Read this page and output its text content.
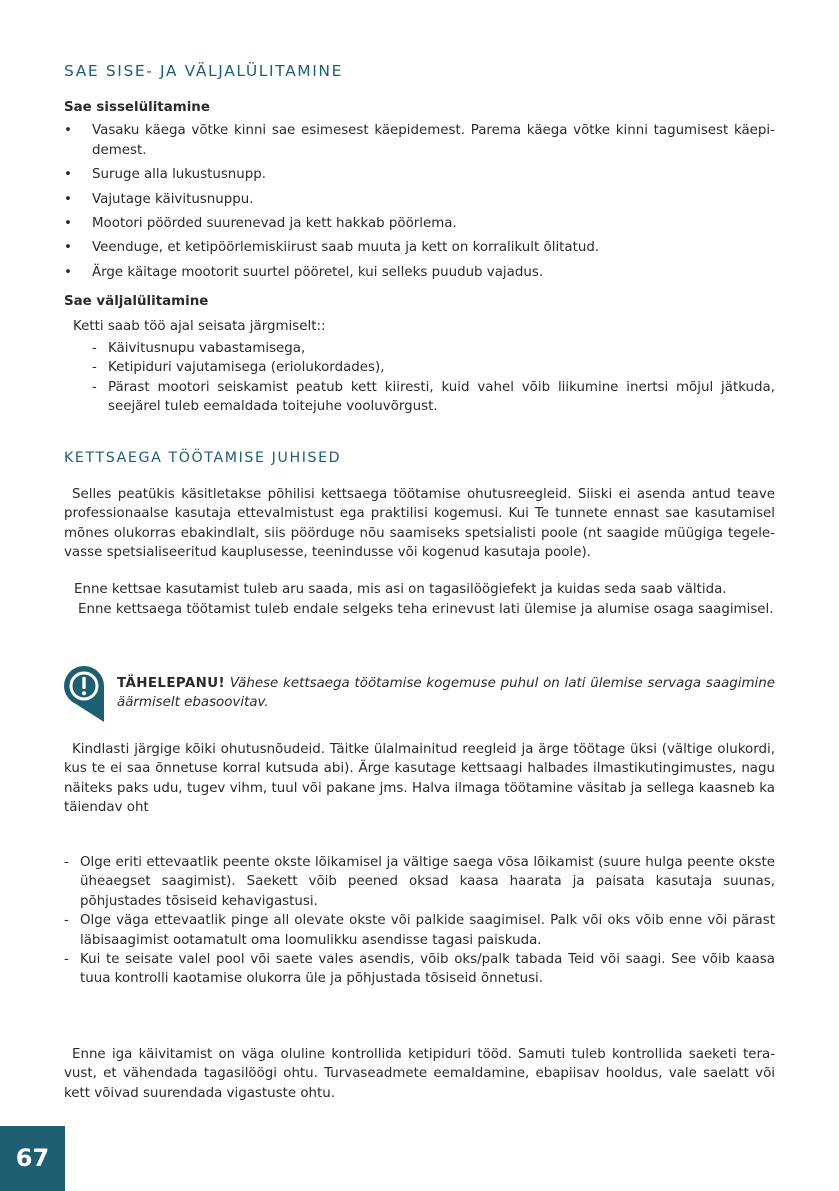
SAE SISE- JA VÄLJALÜLITAMINE

Sae sisselülitamine

• Vasaku käega võtke kinni sae esimesest käepidemest. Parema käega võtke kinni tagumisest käepidemest.
• Suruge alla lukustusnupp.
• Vajutage käivitusnuppu.
• Mootori pöörded suurenevad ja kett hakkab pöörlema.
• Veenduge, et ketipöörlemiskiirust saab muuta ja kett on korralikult õlitatud.
• Ärge käitage mootorit suurtel pööretel, kui selleks puudub vajadus.

Sae väljalülitamine

Ketti saab töö ajal seisata järgmiselt::

- Käivitusnupu vabastamisega,
- Ketipiduri vajutamisega (eriolukordades),
- Pärast mootori seiskamist peatub kett kiiresti, kuid vahel võib liikumine inertsi mõjul jätkuda, seejärel tuleb eemaldada toitejuhe vooluvõrgust.
KETTSAEGA TÖÖTAMISE JUHISED

Selles peatükis käsitletakse põhilisi kettsaega töötamise ohutusreegleid. Siiski ei asenda antud teave professionaalse kasutaja ettevalmistust ega praktilisi kogemusi. Kui Te tunnete ennast sae kasutamisel mõnes olukorras ebakindlalt, siis pöörduge nõu saamiseks spetsialisti poole (nt saagide müügiga tegelevasse spetsialiseeritud kauplusesse, teenindusse või kogenud kasutaja poole).

Enne kettsae kasutamist tuleb aru saada, mis asi on tagasilöögiefekt ja kuidas seda saab vältida.

Enne kettsaega töötamist tuleb endale selgeks teha erinevust lati ülemise ja alumise osaga saagimisel.

TÄHELEPANU! Vähese kettsaega töötamise kogemuse puhul on lati ülemise servaga saagimine äärmiselt ebasoovitav.

Kindlasti järgige kõiki ohutusnõudeid. Täitke ülalmainitud reegleid ja ärge töötage üksi (vältige olukordi, kus te ei saa õnnetuse korral kutsuda abi). Ärge kasutage kettsaagi halbades ilmastikutingimustes, nagu näiteks paks udu, tugev vihm, tuul või pakane jms. Halva ilmaga töötamine väsitab ja sellega kaasneb ka täiendav oht

- Olge eriti ettevaatlik peente okste lõikamisel ja vältige saega võsa lõikamist (suure hulga peente okste üheaegset saagimist). Saekett võib peened oksad kaasa haarata ja paisata kasutaja suunas, põhjustades tõsiseid kehavigastusi.
- Olge väga ettevaatlik pinge all olevate okste või palkide saagimisel. Palk või oks võib enne või pärast läbisaagimist ootamatult oma loomulikku asendisse tagasi paiskuda.
- Kui te seisate valel pool või saete vales asendis, võib oks/palk tabada Teid või saagi. See võib kaasa tuua kontrolli kaotamise olukorra üle ja põhjustada tõsiseid õnnetusi.

Enne iga käivitamist on väga oluline kontrollida ketipiduri tööd. Samuti tuleb kontrollida saeketi teravust, et vähendada tagasilöögi ohtu. Turvaseadmete eemaldamine, ebapiisav hooldus, vale saelatt või kett võivad suurendada vigastuste ohtu.

67
